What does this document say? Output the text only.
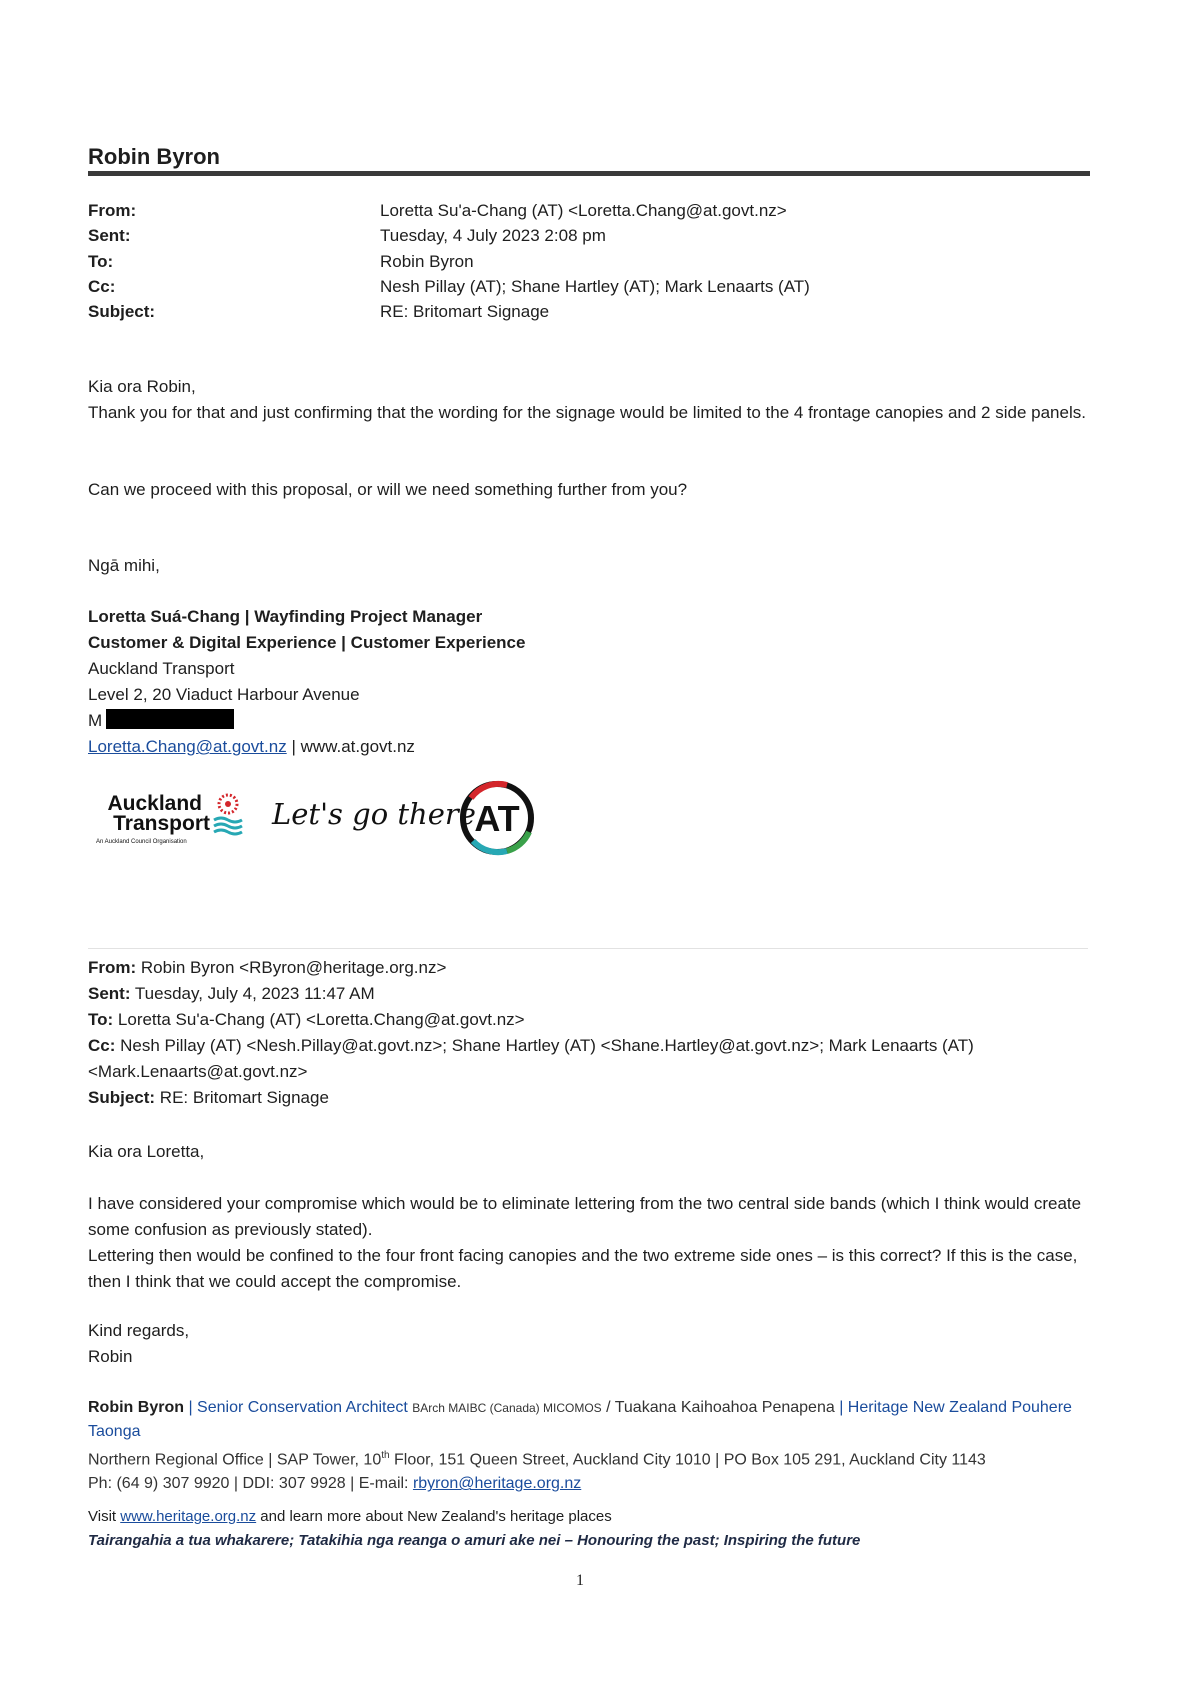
Robin Byron
From:	Loretta Su'a-Chang (AT) <Loretta.Chang@at.govt.nz>
Sent:	Tuesday, 4 July 2023 2:08 pm
To:	Robin Byron
Cc:	Nesh Pillay (AT); Shane Hartley (AT); Mark Lenaarts (AT)
Subject:	RE: Britomart Signage
Kia ora Robin,
Thank you for that and just confirming that the wording for the signage would be limited to the 4 frontage canopies and 2 side panels.
Can we proceed with this proposal, or will we need something further from you?
Ngā mihi,
Loretta Suá-Chang | Wayfinding Project Manager
Customer & Digital Experience | Customer Experience
Auckland Transport
Level 2, 20 Viaduct Harbour Avenue
M
Loretta.Chang@at.govt.nz | www.at.govt.nz
Auckland
Transport
An Auckland Council Organisation
Let's go there
AT
From: Robin Byron <RByron@heritage.org.nz>
Sent: Tuesday, July 4, 2023 11:47 AM
To: Loretta Su'a-Chang (AT) <Loretta.Chang@at.govt.nz>
Cc: Nesh Pillay (AT) <Nesh.Pillay@at.govt.nz>; Shane Hartley (AT) <Shane.Hartley@at.govt.nz>; Mark Lenaarts (AT) <Mark.Lenaarts@at.govt.nz>
Subject: RE: Britomart Signage
Kia ora Loretta,
I have considered your compromise which would be to eliminate lettering from the two central side bands (which I think would create some confusion as previously stated).
Lettering then would be confined to the four front facing canopies and the two extreme side ones – is this correct? If this is the case, then I think that we could accept the compromise.
Kind regards,
Robin
Robin Byron | Senior Conservation Architect BArch MAIBC (Canada) MICOMOS / Tuakana Kaihoahoa Penapena | Heritage New Zealand Pouhere Taonga
Northern Regional Office | SAP Tower, 10th Floor, 151 Queen Street, Auckland City 1010 | PO Box 105 291, Auckland City 1143
Ph: (64 9) 307 9920 | DDI: 307 9928 | E-mail: rbyron@heritage.org.nz
Visit www.heritage.org.nz and learn more about New Zealand's heritage places
Tairangahia a tua whakarere; Tatakihia nga reanga o amuri ake nei – Honouring the past; Inspiring the future
1
